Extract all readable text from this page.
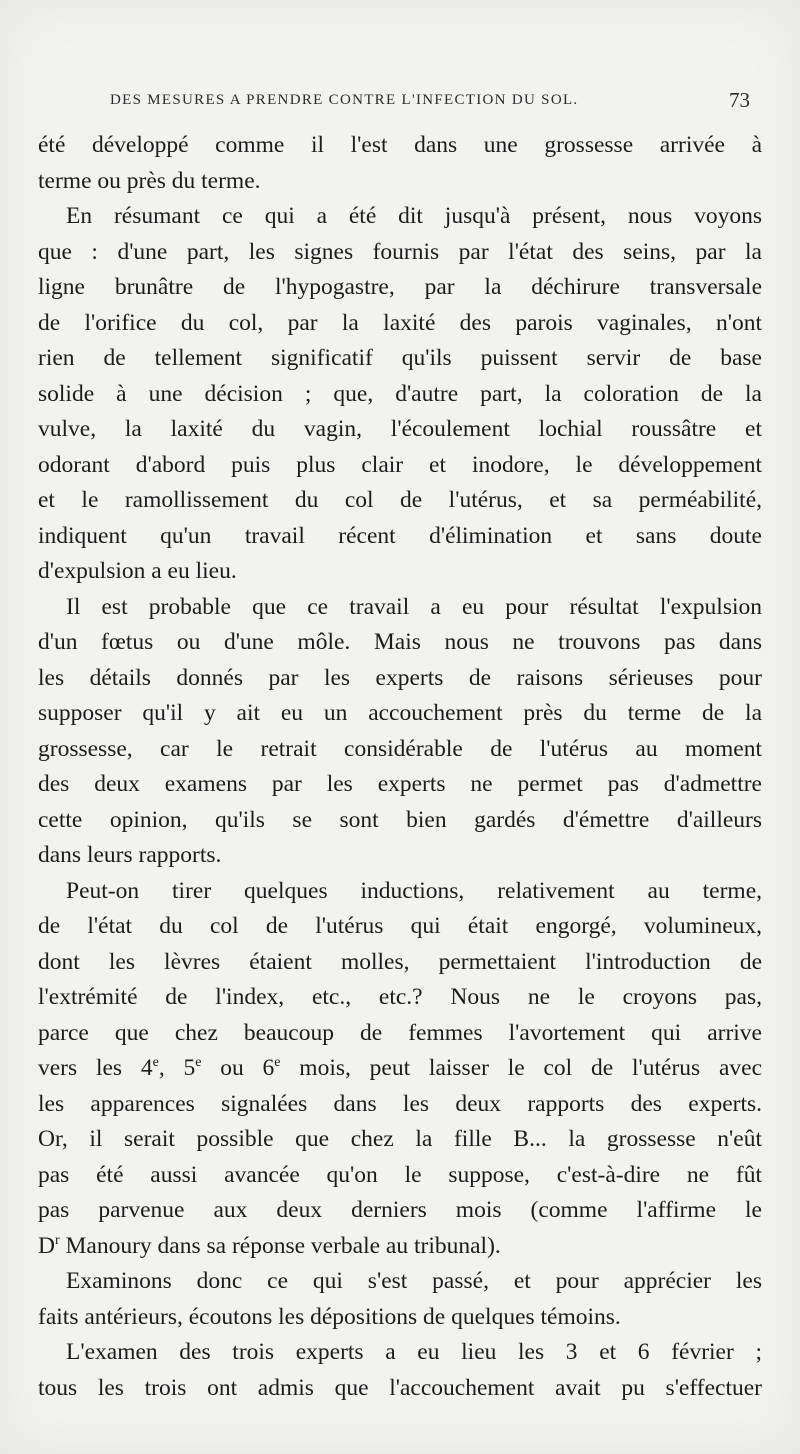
DES MESURES A PRENDRE CONTRE L'INFECTION DU SOL.	73

été développé comme il l'est dans une grossesse arrivée à
terme ou près du terme.

En résumant ce qui a été dit jusqu'à présent, nous voyons
que : d'une part, les signes fournis par l'état des seins, par la
ligne brunâtre de l'hypogastre, par la déchirure transversale
de l'orifice du col, par la laxité des parois vaginales, n'ont
rien de tellement significatif qu'ils puissent servir de base
solide à une décision ; que, d'autre part, la coloration de la
vulve, la laxité du vagin, l'écoulement lochial roussâtre et
odorant d'abord puis plus clair et inodore, le développement
et le ramollissement du col de l'utérus, et sa perméabilité,
indiquent qu'un travail récent d'élimination et sans doute
d'expulsion a eu lieu.

Il est probable que ce travail a eu pour résultat l'expulsion
d'un fœtus ou d'une môle. Mais nous ne trouvons pas dans
les détails donnés par les experts de raisons sérieuses pour
supposer qu'il y ait eu un accouchement près du terme de la
grossesse, car le retrait considérable de l'utérus au moment
des deux examens par les experts ne permet pas d'admettre
cette opinion, qu'ils se sont bien gardés d'émettre d'ailleurs
dans leurs rapports.

Peut-on tirer quelques inductions, relativement au terme,
de l'état du col de l'utérus qui était engorgé, volumineux,
dont les lèvres étaient molles, permettaient l'introduction de
l'extrémité de l'index, etc., etc.? Nous ne le croyons pas,
parce que chez beaucoup de femmes l'avortement qui arrive
vers les 4e, 5e ou 6e mois, peut laisser le col de l'utérus avec
les apparences signalées dans les deux rapports des experts.
Or, il serait possible que chez la fille B... la grossesse n'eût
pas été aussi avancée qu'on le suppose, c'est-à-dire ne fût
pas parvenue aux deux derniers mois (comme l'affirme le
$D^r$ Manoury dans sa réponse verbale au tribunal).

Examinons donc ce qui s'est passé, et pour apprécier les
faits antérieurs, écoutons les dépositions de quelques témoins.

L'examen des trois experts a eu lieu les 3 et 6 février ;
tous les trois ont admis que l'accouchement avait pu s'effectuer
